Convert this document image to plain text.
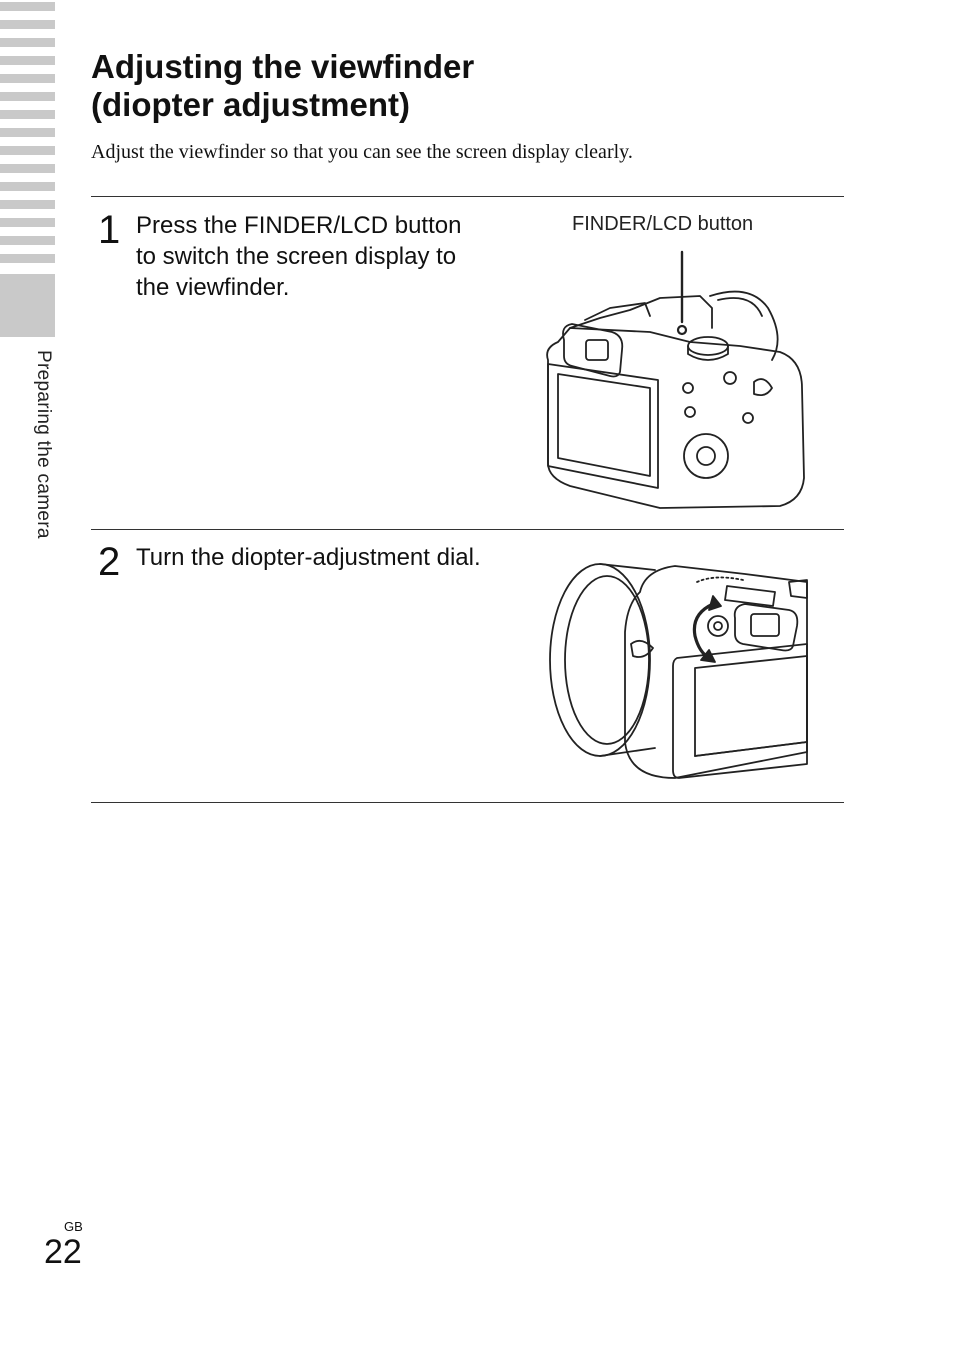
Preparing the camera
Adjusting the viewfinder
(diopter adjustment)

Adjust the viewfinder so that you can see the screen display clearly.

1 Press the FINDER/LCD button to switch the screen display to the viewfinder.

FINDER/LCD button
2 Turn the diopter-adjustment dial.

GB
22
